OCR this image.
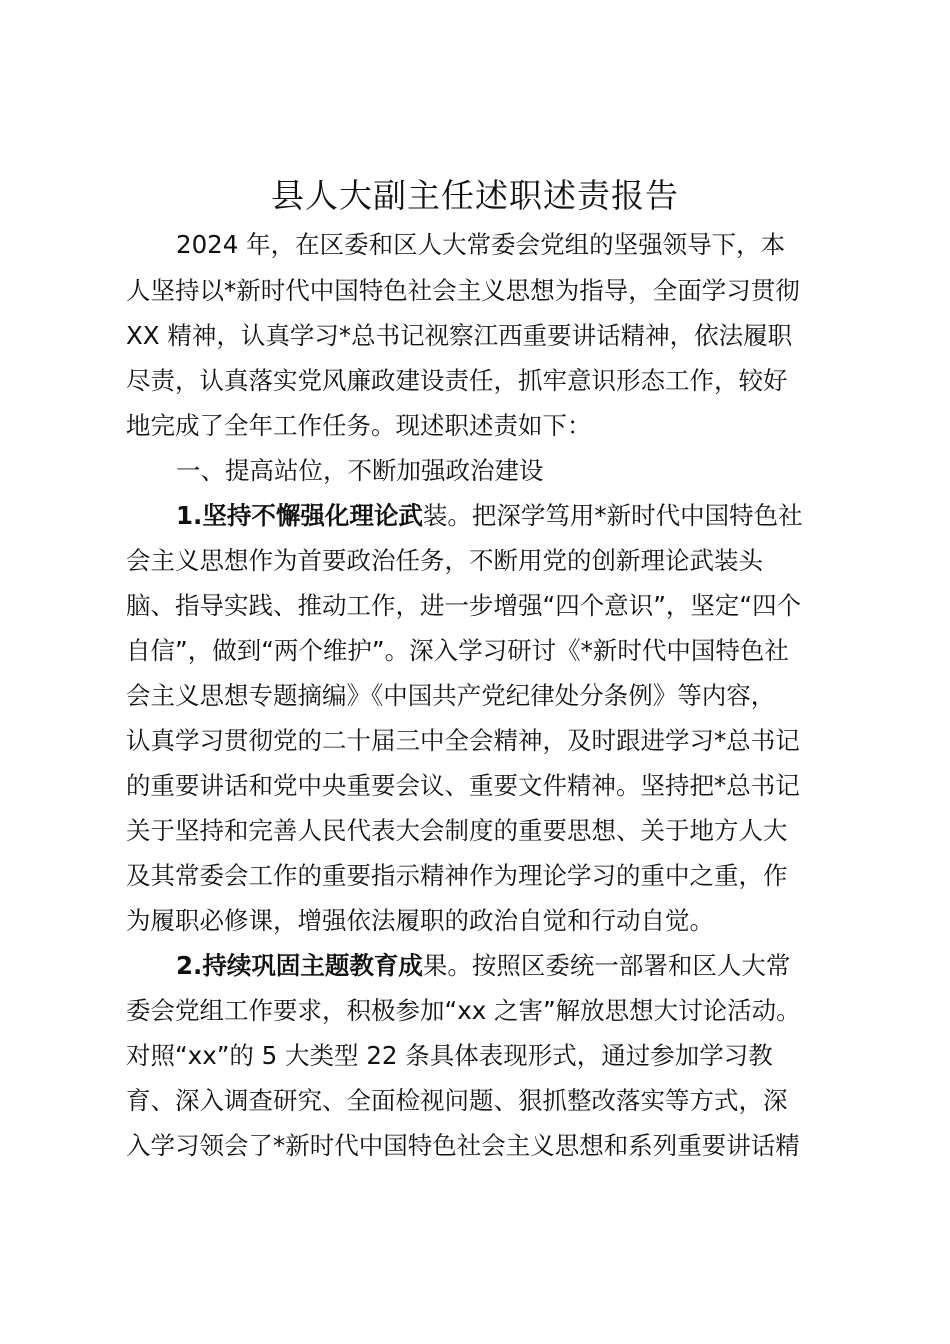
县人大副主任述职述责报告

2024 年，在区委和区人大常委会党组的坚强领导下，本

人坚持以*新时代中国特色社会主义思想为指导，全面学习贯彻

XX 精神，认真学习*总书记视察江西重要讲话精神，依法履职

尽责，认真落实党风廉政建设责任，抓牢意识形态工作，较好

地完成了全年工作任务。现述职述责如下：

一、提高站位，不断加强政治建设

1.坚持不懈强化理论武装。把深学笃用*新时代中国特色社

会主义思想作为首要政治任务，不断用党的创新理论武装头

脑、指导实践、推动工作，进一步增强“四个意识”，坚定“四个

自信”，做到“两个维护”。深入学习研讨《*新时代中国特色社

会主义思想专题摘编》《中国共产党纪律处分条例》等内容，

认真学习贯彻党的二十届三中全会精神，及时跟进学习*总书记

的重要讲话和党中央重要会议、重要文件精神。坚持把*总书记

关于坚持和完善人民代表大会制度的重要思想、关于地方人大

及其常委会工作的重要指示精神作为理论学习的重中之重，作

为履职必修课，增强依法履职的政治自觉和行动自觉。

2.持续巩固主题教育成果。按照区委统一部署和区人大常

委会党组工作要求，积极参加“xx 之害”解放思想大讨论活动。

对照“xx”的 5 大类型 22 条具体表现形式，通过参加学习教

育、深入调查研究、全面检视问题、狠抓整改落实等方式，深

入学习领会了*新时代中国特色社会主义思想和系列重要讲话精
